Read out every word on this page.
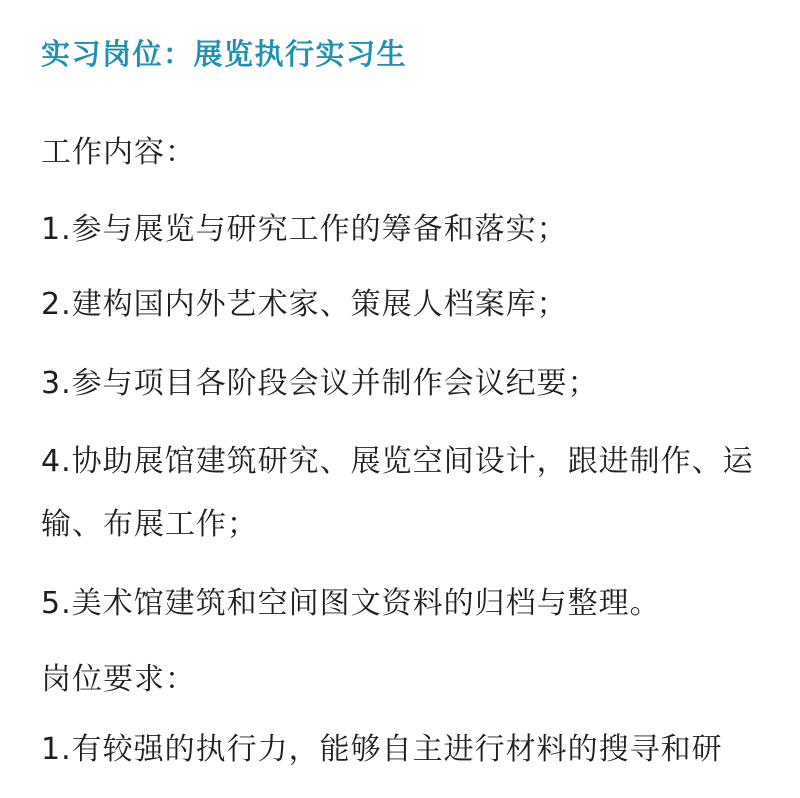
实习岗位：展览执行实习生
工作内容：
1.参与展览与研究工作的筹备和落实；
2.建构国内外艺术家、策展人档案库；
3.参与项目各阶段会议并制作会议纪要；
4.协助展馆建筑研究、展览空间设计，跟进制作、运
输、布展工作；
5.美术馆建筑和空间图文资料的归档与整理。
岗位要求：
1.有较强的执行力，能够自主进行材料的搜寻和研
